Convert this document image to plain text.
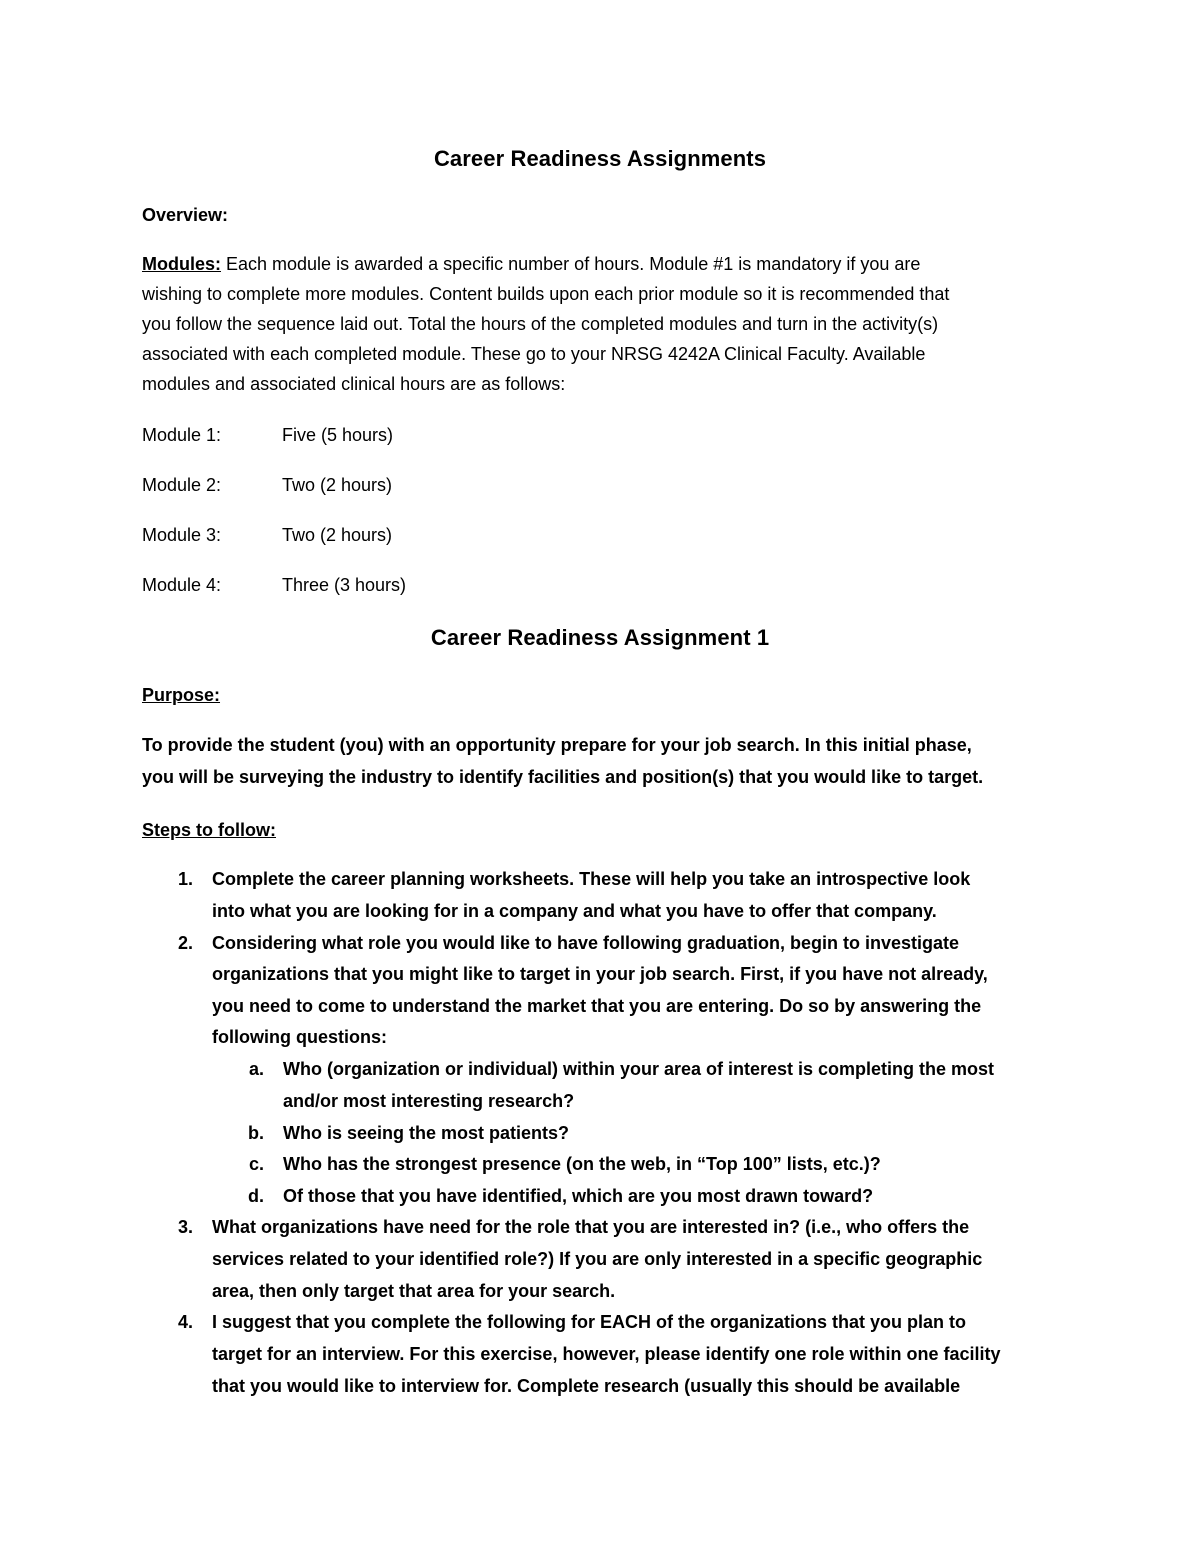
Career Readiness Assignments
Overview:
Modules: Each module is awarded a specific number of hours. Module #1 is mandatory if you are
wishing to complete more modules. Content builds upon each prior module so it is recommended that
you follow the sequence laid out. Total the hours of the completed modules and turn in the activity(s)
associated with each completed module. These go to your NRSG 4242A Clinical Faculty. Available
modules and associated clinical hours are as follows:
Module 1:	Five (5 hours)
Module 2:	Two (2 hours)
Module 3:	Two (2 hours)
Module 4:	Three (3 hours)
Career Readiness Assignment 1
Purpose:
To provide the student (you) with an opportunity prepare for your job search. In this initial phase,
you will be surveying the industry to identify facilities and position(s) that you would like to target.
Steps to follow:
1. Complete the career planning worksheets. These will help you take an introspective look
into what you are looking for in a company and what you have to offer that company.
2. Considering what role you would like to have following graduation, begin to investigate
organizations that you might like to target in your job search. First, if you have not already,
you need to come to understand the market that you are entering. Do so by answering the
following questions:
a. Who (organization or individual) within your area of interest is completing the most
and/or most interesting research?
b. Who is seeing the most patients?
c. Who has the strongest presence (on the web, in “Top 100” lists, etc.)?
d. Of those that you have identified, which are you most drawn toward?
3. What organizations have need for the role that you are interested in? (i.e., who offers the
services related to your identified role?) If you are only interested in a specific geographic
area, then only target that area for your search.
4. I suggest that you complete the following for EACH of the organizations that you plan to
target for an interview. For this exercise, however, please identify one role within one facility
that you would like to interview for. Complete research (usually this should be available
